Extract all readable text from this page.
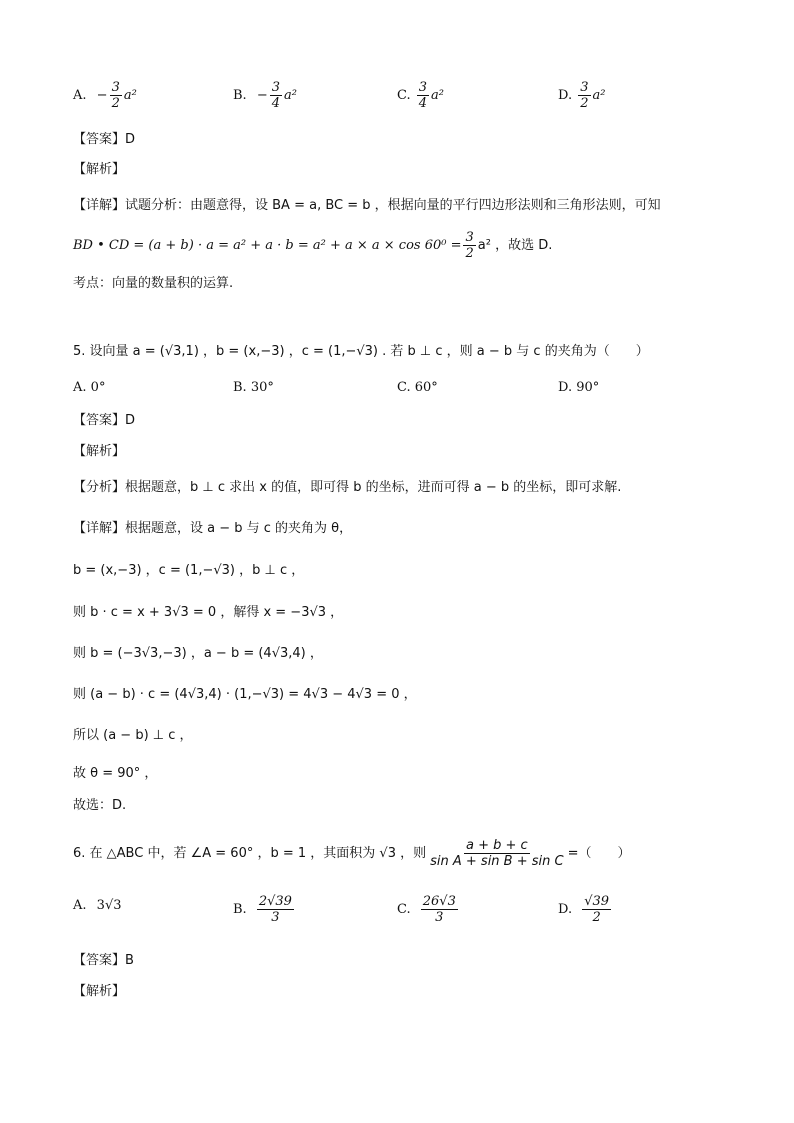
A. − $\frac{3}{2} a^2$	B. − $\frac{3}{4} a^2$	C. $\frac{3}{4} a^2$	D. $\frac{3}{2} a^2$
【答案】D
【解析】
【详解】试题分析：由题意得，设 BA = a, BC = b ，根据向量的平行四边形法则和三角形法则，可知
BD • CD = $(a + b) \cdot a = a^2 + a \cdot b = a^2 + a \times a \times \cos 60^0 = \frac{3}{2} a^2$ ，故选 D.
考点：向量的数量积的运算.
5. 设向量 a = (√3,1) ，b = (x,−3) ，c = (1,−√3) . 若 b ⊥ c ，则 a − b 与 c 的夹角为（　　）
A. 0°	B. 30°	C. 60°	D. 90°
【答案】D
【解析】
【分析】根据题意，b ⊥ c 求出 x 的值，即可得 b 的坐标，进而可得 a − b 的坐标，即可求解.
【详解】根据题意，设 a − b 与 c 的夹角为 θ，
b = (x,−3) ，c = (1,−√3) ，b ⊥ c ，
则 b · c = x + 3√3 = 0 ，解得 x = −3√3 ，
则 b = (−3√3,−3) ，a − b = (4√3,4) ，
则 (a − b) · c = (4√3,4) · (1,−√3) = 4√3 − 4√3 = 0 ，
所以 (a − b) ⊥ c ，
故 θ = 90° ，
故选：D.
6. 在 △ABC 中，若 ∠A = 60° ，b = 1 ，其面积为 √3 ，则 $\frac{a + b + c}{\text{sin A + sin B + sin C}}$ =（　　）
A. 3√3	B. $\frac{2√39}{3}$	C. $\frac{26√3}{3}$	D. $\frac{√39}{2}$
【答案】B
【解析】
